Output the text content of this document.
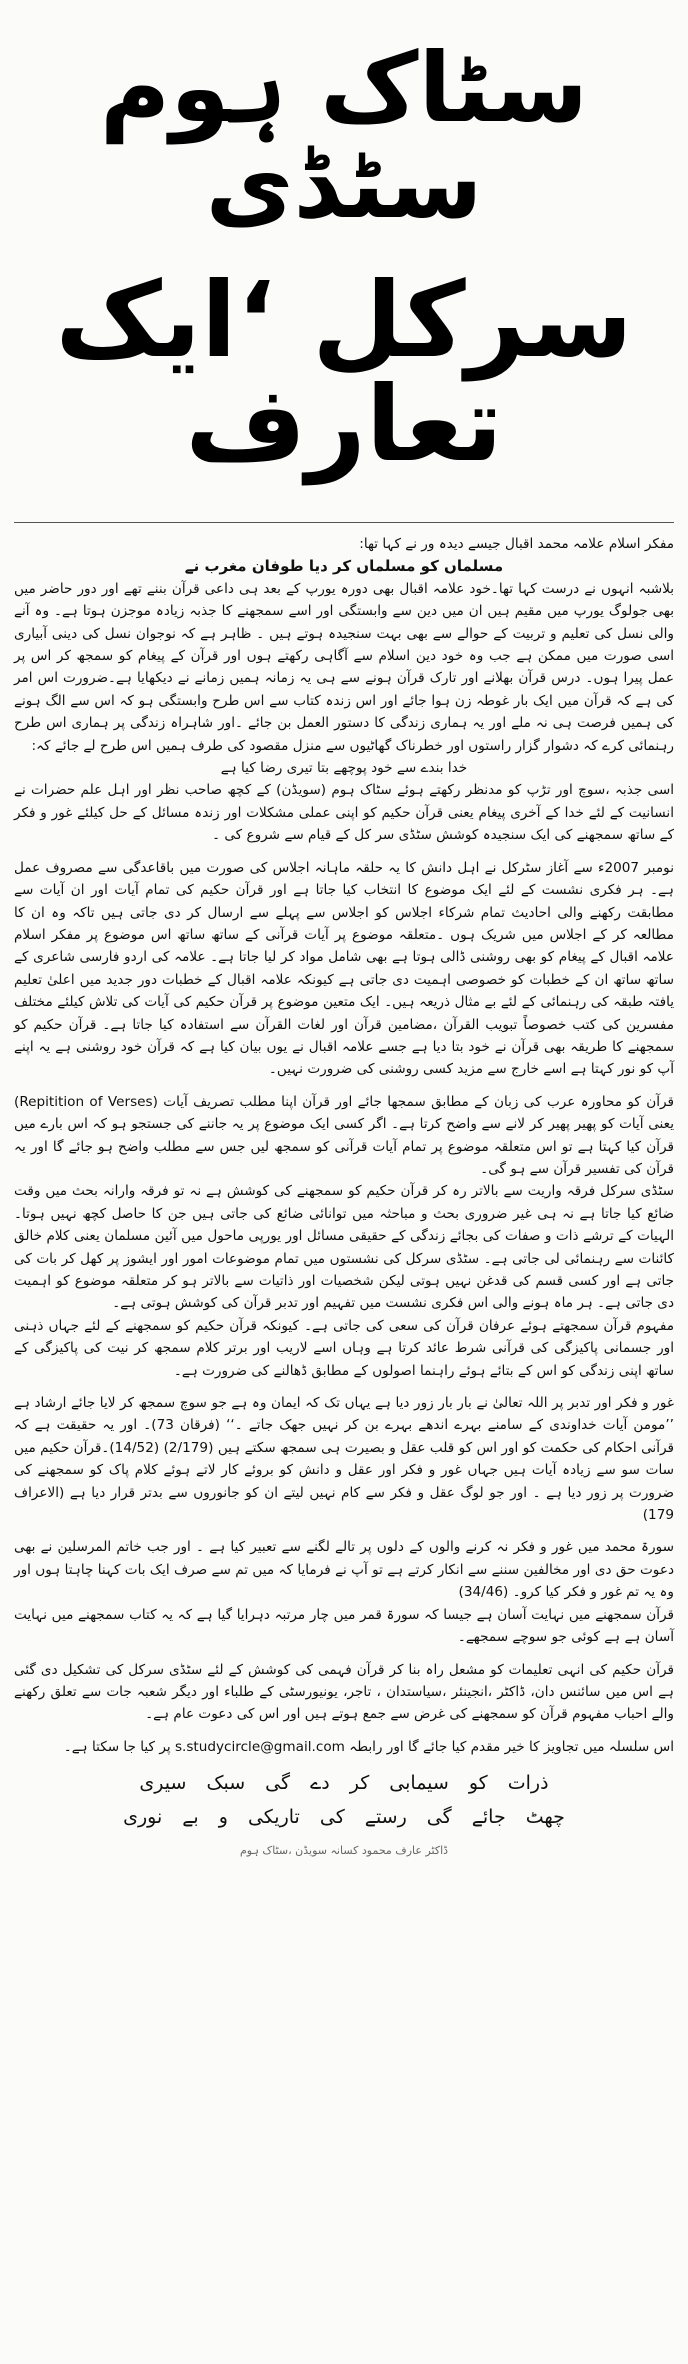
سٹاک ہوم سٹڈی
سرکل ‘ایک تعارف

مفکر اسلام علامہ محمد اقبال جیسے دیدہ ور نے کہا تھا:

مسلماں کو مسلماں کر دیا طوفان مغرب نے

بلاشبہ انہوں نے درست کہا تھا۔خود علامہ اقبال بھی دورہ یورپ کے بعد ہی داعی قرآن بننے تھے اور دور حاضر میں بھی جولوگ یورپ میں مقیم ہیں ان میں دین سے وابستگی اور اسے سمجھنے کا جذبہ زیادہ موجزن ہوتا ہے۔ وہ آنے والی نسل کی تعلیم و تربیت کے حوالے سے بھی بہت سنجیدہ ہوتے ہیں ۔ ظاہر ہے کہ نوجوان نسل کی دینی آبیاری اسی صورت میں ممکن ہے جب وہ خود دین اسلام سے آگاہی رکھتے ہوں اور قرآن کے پیغام کو سمجھ کر اس پر عمل پیرا ہوں۔ درس قرآن بھلانے اور تارک قرآن ہونے سے ہی یہ زمانہ ہمیں زمانے نے دیکھایا ہے۔ضرورت اس امر کی ہے کہ قرآن میں ایک بار غوطہ زن ہوا جائے اور اس زندہ کتاب سے اس طرح وابستگی ہو کہ اس سے الگ ہونے کی ہمیں فرصت ہی نہ ملے اور یہ ہماری زندگی کا دستور العمل بن جائے ۔اور شاہراہ زندگی پر ہماری اس طرح رہنمائی کرے کہ دشوار گزار راستوں اور خطرناک گھاٹیوں سے منزل مقصود کی طرف ہمیں اس طرح لے جائے کہ:

خدا بندے سے خود پوچھے بتا تیری رضا کیا ہے

اسی جذبہ ،سوچ اور تڑپ کو مدنظر رکھتے ہوئے سٹاک ہوم (سویڈن) کے کچھ صاحب نظر اور اہل علم حضرات نے انسانیت کے لئے خدا کے آخری پیغام یعنی قرآن حکیم کو اپنی عملی مشکلات اور زندہ مسائل کے حل کیلئے غور و فکر کے ساتھ سمجھنے کی ایک سنجیدہ کوشش سٹڈی سر کل کے قیام سے شروع کی ۔

نومبر 2007ء سے آغاز سٹرکل نے اہل دانش کا یہ حلقہ ماہانہ اجلاس کی صورت میں باقاعدگی سے مصروف عمل ہے۔ ہر فکری نشست کے لئے ایک موضوع کا انتخاب کیا جاتا ہے اور قرآن حکیم کی تمام آیات اور ان آیات سے مطابقت رکھنے والی احادیث تمام شرکاء اجلاس کو اجلاس سے پہلے سے ارسال کر دی جاتی ہیں تاکہ وہ ان کا مطالعہ کر کے اجلاس میں شریک ہوں ۔متعلقہ موضوع پر آیات قرآنی کے ساتھ ساتھ اس موضوع پر مفکر اسلام علامہ اقبال کے پیغام کو بھی روشنی ڈالی ہوتا ہے بھی شامل مواد کر لیا جاتا ہے۔ علامہ کی اردو فارسی شاعری کے ساتھ ساتھ ان کے خطبات کو خصوصی اہمیت دی جاتی ہے کیونکہ علامہ اقبال کے خطبات دور جدید میں اعلیٰ تعلیم یافتہ طبقہ کی رہنمائی کے لئے بے مثال ذریعہ ہیں۔ ایک متعین موضوع پر قرآن حکیم کی آیات کی تلاش کیلئے مختلف مفسرین کی کتب خصوصاً تبویب القرآن ،مضامین قرآن اور لغات القرآن سے استفادہ کیا جاتا ہے۔ قرآن حکیم کو سمجھنے کا طریقہ بھی قرآن نے خود بتا دیا ہے جسے علامہ اقبال نے یوں بیان کیا ہے کہ قرآن خود روشنی ہے یہ اپنے آپ کو نور کہتا ہے اسے خارج سے مزید کسی روشنی کی ضرورت نہیں۔

قرآن کو محاورہ عرب کی زبان کے مطابق سمجھا جائے اور قرآن اپنا مطلب تصریف آیات (Repitition of Verses) یعنی آیات کو پھیر پھیر کر لانے سے واضح کرتا ہے۔ اگر کسی ایک موضوع پر یہ جاننے کی جستجو ہو کہ اس بارے میں قرآن کیا کہتا ہے تو اس متعلقہ موضوع پر تمام آیات قرآنی کو سمجھ لیں جس سے مطلب واضح ہو جائے گا اور یہ قرآن کی تفسیر قرآن سے ہو گی۔

سٹڈی سرکل فرقہ واریت سے بالاتر رہ کر قرآن حکیم کو سمجھنے کی کوشش ہے نہ تو فرقہ وارانہ بحث میں وقت ضائع کیا جاتا ہے نہ ہی غیر ضروری بحث و مباحثہ میں توانائی ضائع کی جاتی ہیں جن کا حاصل کچھ نہیں ہوتا۔ الہیات کے ترشے ذات و صفات کی بجائے زندگی کے حقیقی مسائل اور یورپی ماحول میں آئین مسلمان یعنی کلام خالق کائنات سے رہنمائی لی جاتی ہے۔ سٹڈی سرکل کی نشستوں میں تمام موضوعات امور اور ایشوز پر کھل کر بات کی جاتی ہے اور کسی قسم کی قدغن نہیں ہوتی لیکن شخصیات اور ذاتیات سے بالاتر ہو کر متعلقہ موضوع کو اہمیت دی جاتی ہے۔ ہر ماہ ہونے والی اس فکری نشست میں تفہیم اور تدبر قرآن کی کوشش ہوتی ہے۔

مفہوم قرآن سمجھتے ہوئے عرفان قرآن کی سعی کی جاتی ہے۔ کیونکہ قرآن حکیم کو سمجھنے کے لئے جہاں ذہنی اور جسمانی پاکیزگی کی قرآنی شرط عائد کرتا ہے وہاں اسے لاریب اور برتر کلام سمجھ کر نیت کی پاکیزگی کے ساتھ اپنی زندگی کو اس کے بتائے ہوئے راہنما اصولوں کے مطابق ڈھالنے کی ضرورت ہے۔

غور و فکر اور تدبر پر اللہ تعالیٰ نے بار بار زور دیا ہے یہاں تک کہ ایمان وہ ہے جو سوچ سمجھ کر لایا جائے ارشاد ہے ’’مومن آیات خداوندی کے سامنے بہرے اندھے بہرے بن کر نہیں جھک جاتے ۔‘‘ (فرقان 73)۔ اور یہ حقیقت ہے کہ قرآنی احکام کی حکمت کو اور اس کو قلب عقل و بصیرت ہی سمجھ سکتے ہیں (2/179) (14/52)۔قرآن حکیم میں سات سو سے زیادہ آیات ہیں جہاں غور و فکر اور عقل و دانش کو بروئے کار لاتے ہوئے کلام پاک کو سمجھنے کی ضرورت پر زور دیا ہے ۔ اور جو لوگ عقل و فکر سے کام نہیں لیتے ان کو جانوروں سے بدتر قرار دیا ہے (الاعراف 179)

سورۃ محمد میں غور و فکر نہ کرنے والوں کے دلوں پر تالے لگنے سے تعبیر کیا ہے ۔ اور جب خاتم المرسلین نے بھی دعوت حق دی اور مخالفین سننے سے انکار کرتے ہے تو آپ نے فرمایا کہ میں تم سے صرف ایک بات کہنا چاہتا ہوں اور وہ یہ تم غور و فکر کیا کرو۔ (34/46)

قرآن سمجھنے میں نہایت آسان ہے جیسا کہ سورۃ قمر میں چار مرتبہ دہرایا گیا ہے کہ یہ کتاب سمجھنے میں نہایت آسان ہے ہے کوئی جو سوچے سمجھے۔

قرآن حکیم کی انہی تعلیمات کو مشعل راہ بنا کر قرآن فہمی کی کوشش کے لئے سٹڈی سرکل کی تشکیل دی گئی ہے اس میں سائنس دان، ڈاکٹر ،انجینئر ،سیاستدان ، تاجر، یونیورسٹی کے طلباء اور دیگر شعبہ جات سے تعلق رکھنے والے احباب مفہوم قرآن کو سمجھنے کی غرض سے جمع ہوتے ہیں اور اس کی دعوت عام ہے۔

اس سلسلہ میں تجاویز کا خیر مقدم کیا جائے گا اور رابطہ s.studycircle@gmail.com پر کیا جا سکتا ہے۔

ذرات کو سیمابی کر دے گی سبک سیری
چھٹ جائے گی رستے کی تاریکی و بے نوری
ڈاکٹر عارف محمود کسانہ سویڈن ،سٹاک ہوم
